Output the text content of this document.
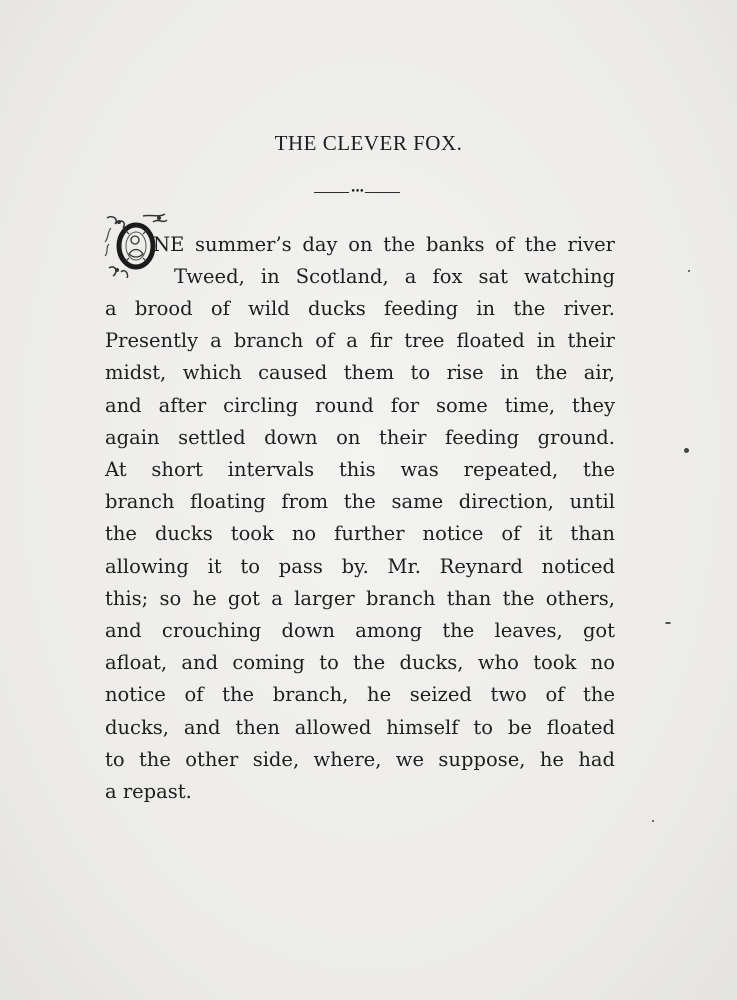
THE CLEVER FOX.
•••
NE summer’s day on the banks of the river
Tweed, in Scotland, a fox sat watching
a brood of wild ducks feeding in the river.
Presently a branch of a fir tree floated in their
midst, which caused them to rise in the air,
and after circling round for some time, they
again settled down on their feeding ground.
At short intervals this was repeated, the
branch floating from the same direction, until
the ducks took no further notice of it than
allowing it to pass by. Mr. Reynard noticed
this; so he got a larger branch than the others,
and crouching down among the leaves, got
afloat, and coming to the ducks, who took no
notice of the branch, he seized two of the
ducks, and then allowed himself to be floated
to the other side, where, we suppose, he had
a repast.
